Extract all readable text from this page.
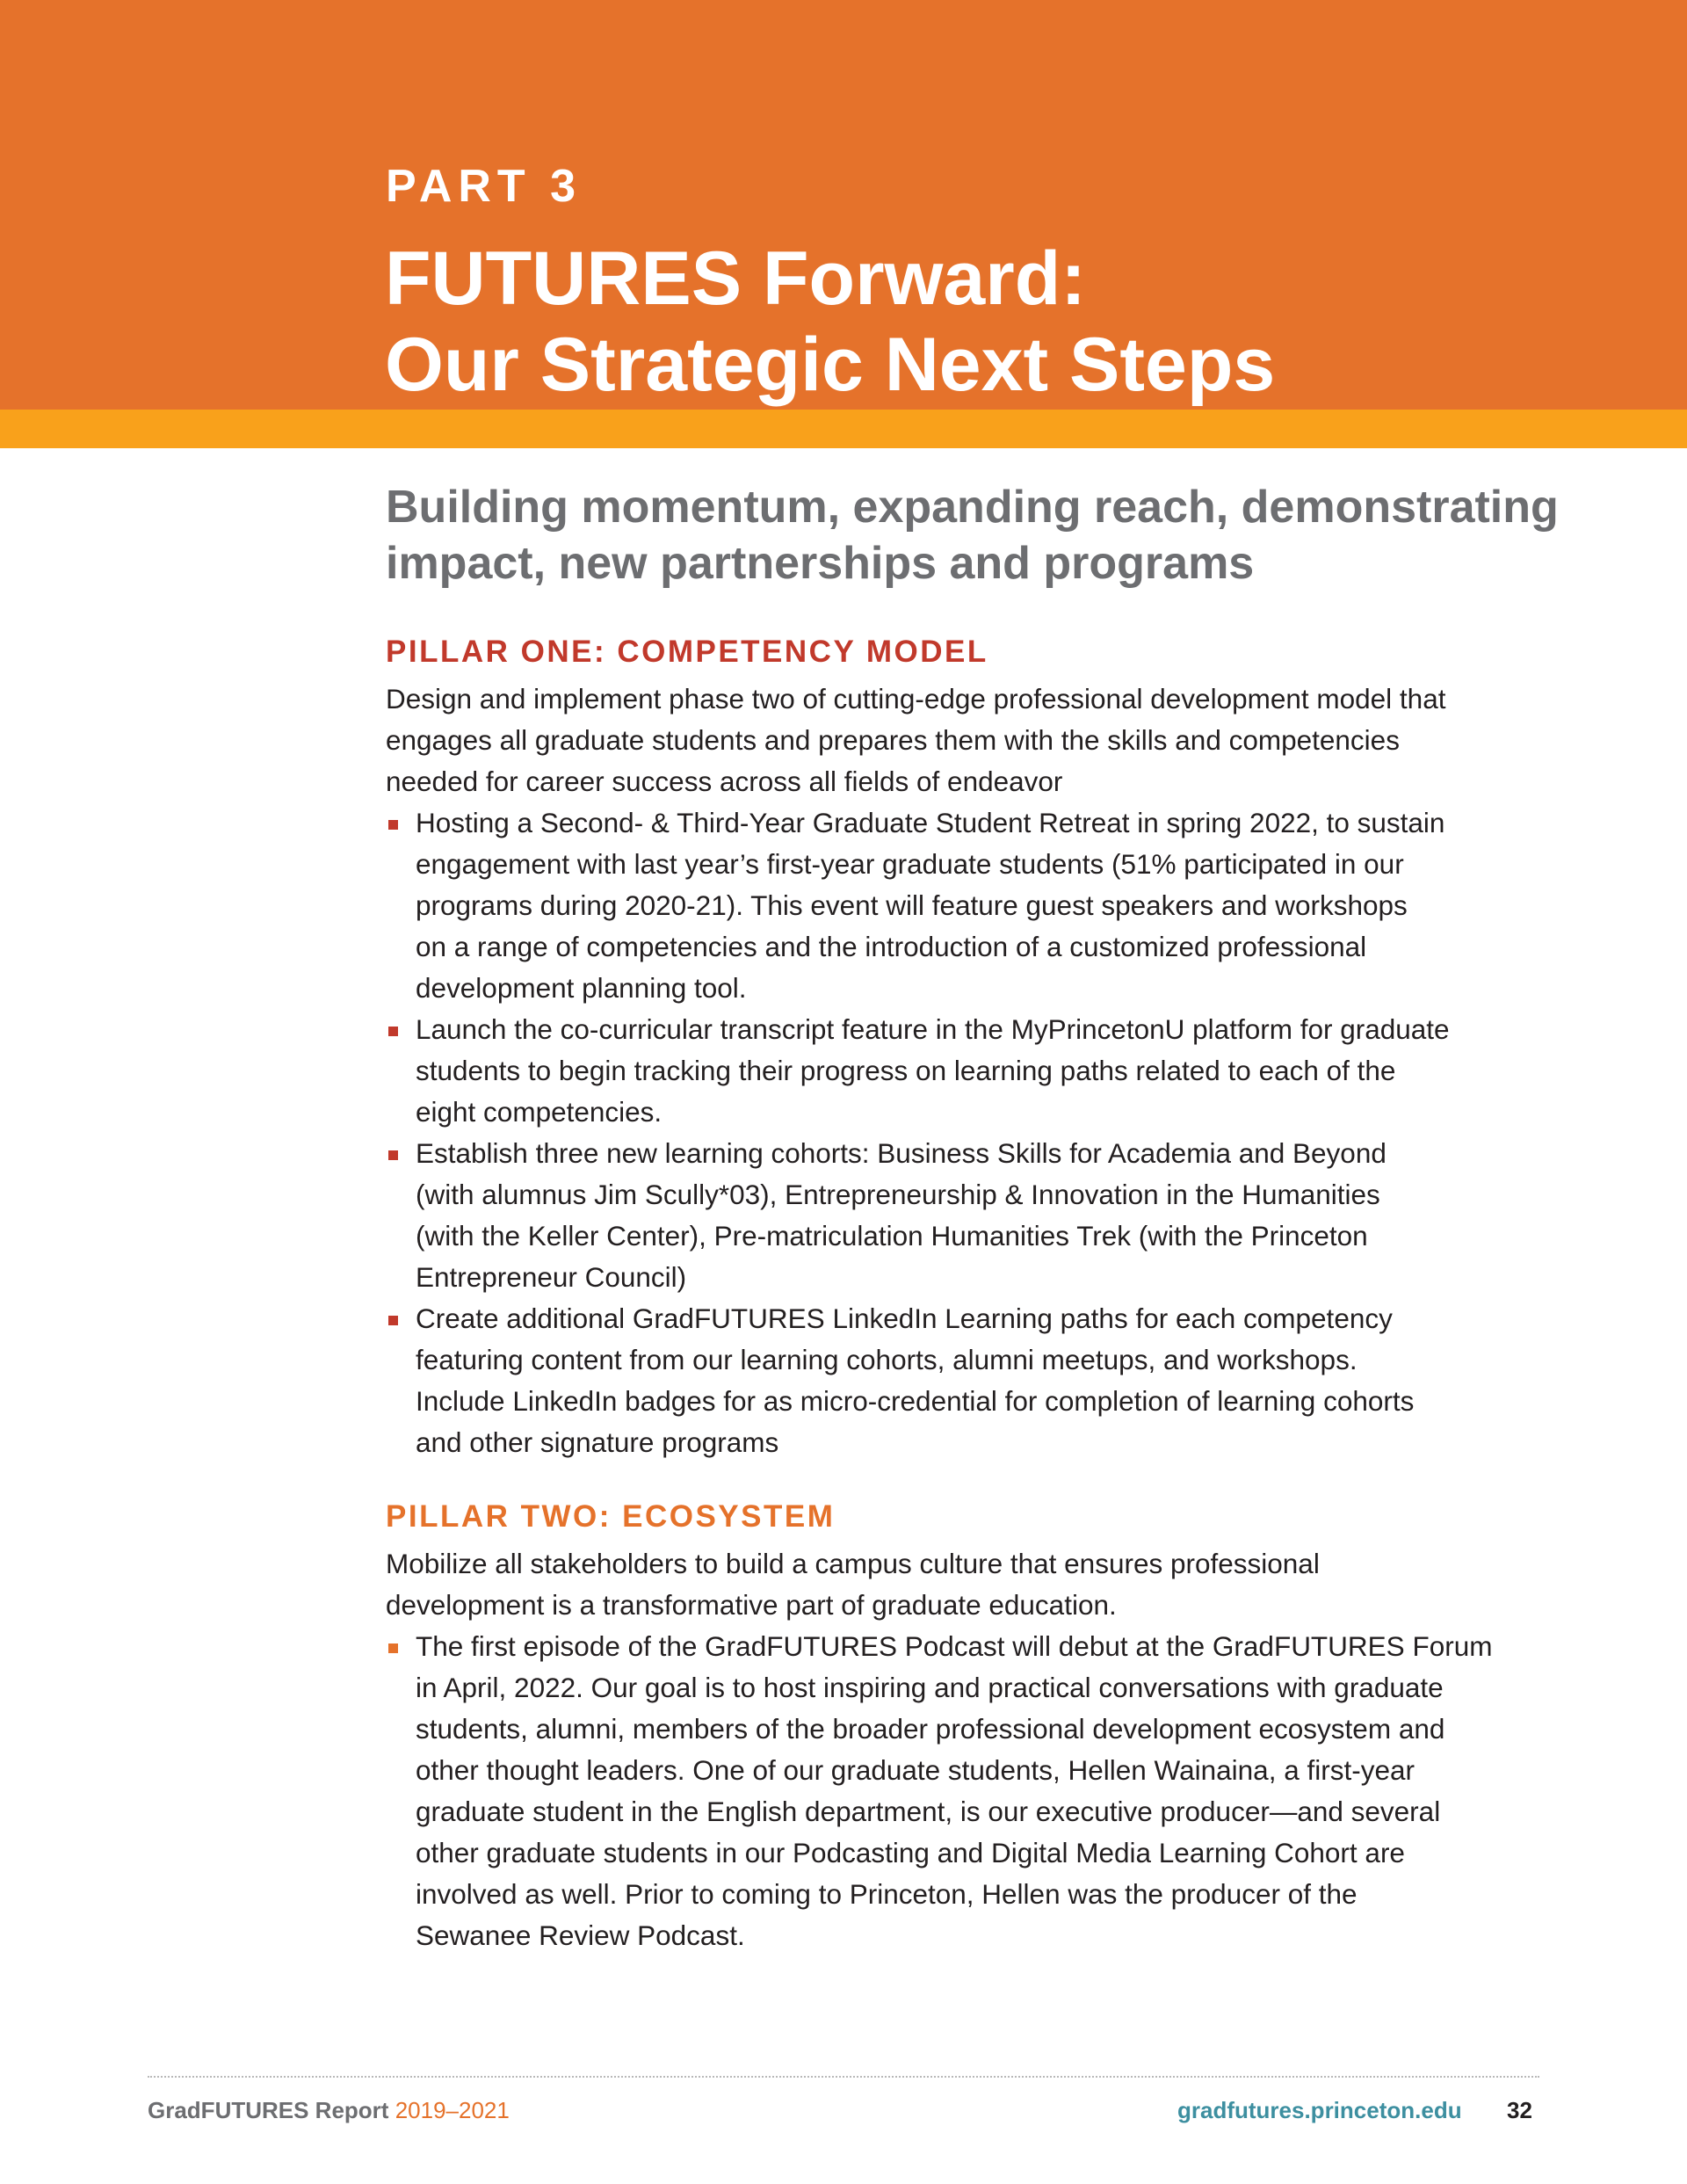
PART 3

FUTURES Forward:
Our Strategic Next Steps
Building momentum, expanding reach, demonstrating
impact, new partnerships and programs
PILLAR ONE: COMPETENCY MODEL

Design and implement phase two of cutting-edge professional development model that
engages all graduate students and prepares them with the skills and competencies
needed for career success across all fields of endeavor

Hosting a Second- & Third-Year Graduate Student Retreat in spring 2022, to sustain
engagement with last year’s first-year graduate students (51% participated in our
programs during 2020-21). This event will feature guest speakers and workshops
on a range of competencies and the introduction of a customized professional
development planning tool.
Launch the co-curricular transcript feature in the MyPrincetonU platform for graduate
students to begin tracking their progress on learning paths related to each of the
eight competencies.
Establish three new learning cohorts: Business Skills for Academia and Beyond
(with alumnus Jim Scully*03), Entrepreneurship & Innovation in the Humanities
(with the Keller Center), Pre-matriculation Humanities Trek (with the Princeton
Entrepreneur Council)
Create additional GradFUTURES LinkedIn Learning paths for each competency
featuring content from our learning cohorts, alumni meetups, and workshops.
Include LinkedIn badges for as micro-credential for completion of learning cohorts
and other signature programs
PILLAR TWO: ECOSYSTEM

Mobilize all stakeholders to build a campus culture that ensures professional
development is a transformative part of graduate education.

The first episode of the GradFUTURES Podcast will debut at the GradFUTURES Forum
in April, 2022. Our goal is to host inspiring and practical conversations with graduate
students, alumni, members of the broader professional development ecosystem and
other thought leaders. One of our graduate students, Hellen Wainaina, a first-year
graduate student in the English department, is our executive producer—and several
other graduate students in our Podcasting and Digital Media Learning Cohort are
involved as well. Prior to coming to Princeton, Hellen was the producer of the
Sewanee Review Podcast.
GradFUTURES Report 2019–2021	gradfutures.princeton.edu 32
